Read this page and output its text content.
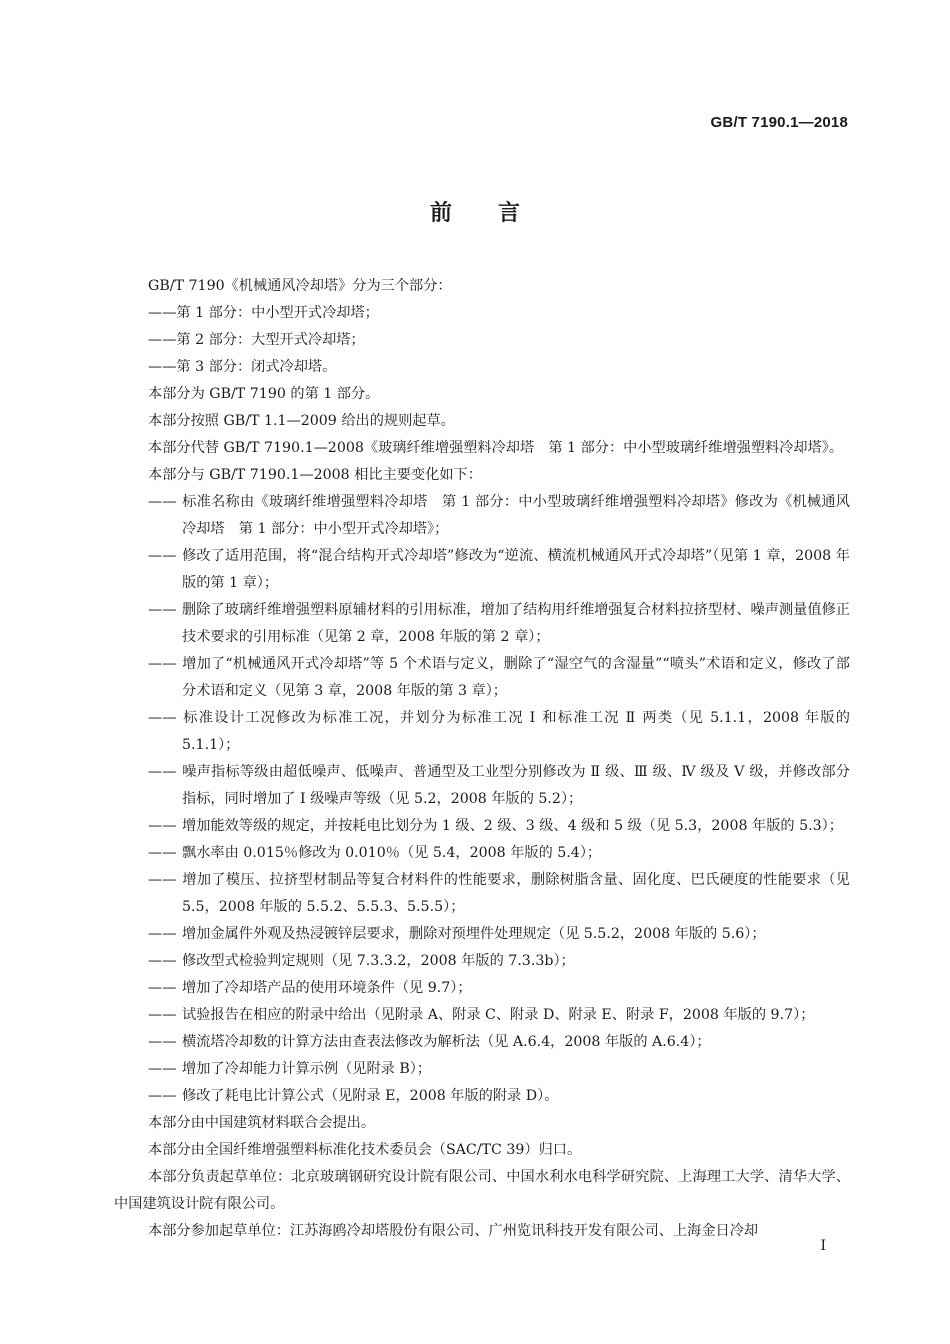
GB/T 7190.1—2018
前言

GB/T 7190《机械通风冷却塔》分为三个部分：

——第 1 部分：中小型开式冷却塔；

——第 2 部分：大型开式冷却塔；

——第 3 部分：闭式冷却塔。

本部分为 GB/T 7190 的第 1 部分。

本部分按照 GB/T 1.1—2009 给出的规则起草。

本部分代替 GB/T 7190.1—2008《玻璃纤维增强塑料冷却塔　第 1 部分：中小型玻璃纤维增强塑料冷却塔》。

本部分与 GB/T 7190.1—2008 相比主要变化如下：

—— 标准名称由《玻璃纤维增强塑料冷却塔　第 1 部分：中小型玻璃纤维增强塑料冷却塔》修改为《机械通风冷却塔　第 1 部分：中小型开式冷却塔》；

—— 修改了适用范围，将“混合结构开式冷却塔”修改为“逆流、横流机械通风开式冷却塔”（见第 1 章，2008 年版的第 1 章）；

—— 删除了玻璃纤维增强塑料原辅材料的引用标准，增加了结构用纤维增强复合材料拉挤型材、噪声测量值修正技术要求的引用标准（见第 2 章，2008 年版的第 2 章）；

—— 增加了“机械通风开式冷却塔”等 5 个术语与定义，删除了“湿空气的含湿量”“喷头”术语和定义，修改了部分术语和定义（见第 3 章，2008 年版的第 3 章）；

—— 标准设计工况修改为标准工况，并划分为标准工况 Ⅰ 和标准工况 Ⅱ 两类（见 5.1.1，2008 年版的 5.1.1）；

—— 噪声指标等级由超低噪声、低噪声、普通型及工业型分别修改为 Ⅱ 级、Ⅲ 级、Ⅳ 级及 Ⅴ 级，并修改部分指标，同时增加了 Ⅰ 级噪声等级（见 5.2，2008 年版的 5.2）；

—— 增加能效等级的规定，并按耗电比划分为 1 级、2 级、3 级、4 级和 5 级（见 5.3，2008 年版的 5.3）；

—— 飘水率由 0.015％修改为 0.010％（见 5.4，2008 年版的 5.4）；

—— 增加了模压、拉挤型材制品等复合材料件的性能要求，删除树脂含量、固化度、巴氏硬度的性能要求（见 5.5，2008 年版的 5.5.2、5.5.3、5.5.5）；

—— 增加金属件外观及热浸镀锌层要求，删除对预埋件处理规定（见 5.5.2，2008 年版的 5.6）；

—— 修改型式检验判定规则（见 7.3.3.2，2008 年版的 7.3.3b）；

—— 增加了冷却塔产品的使用环境条件（见 9.7）；

—— 试验报告在相应的附录中给出（见附录 A、附录 C、附录 D、附录 E、附录 F，2008 年版的 9.7）；

—— 横流塔冷却数的计算方法由查表法修改为解析法（见 A.6.4，2008 年版的 A.6.4）；

—— 增加了冷却能力计算示例（见附录 B）；

—— 修改了耗电比计算公式（见附录 E，2008 年版的附录 D）。

本部分由中国建筑材料联合会提出。

本部分由全国纤维增强塑料标准化技术委员会（SAC/TC 39）归口。

本部分负责起草单位：北京玻璃钢研究设计院有限公司、中国水利水电科学研究院、上海理工大学、清华大学、中国建筑设计院有限公司。

本部分参加起草单位：江苏海鸥冷却塔股份有限公司、广州览讯科技开发有限公司、上海金日冷却

Ⅰ
